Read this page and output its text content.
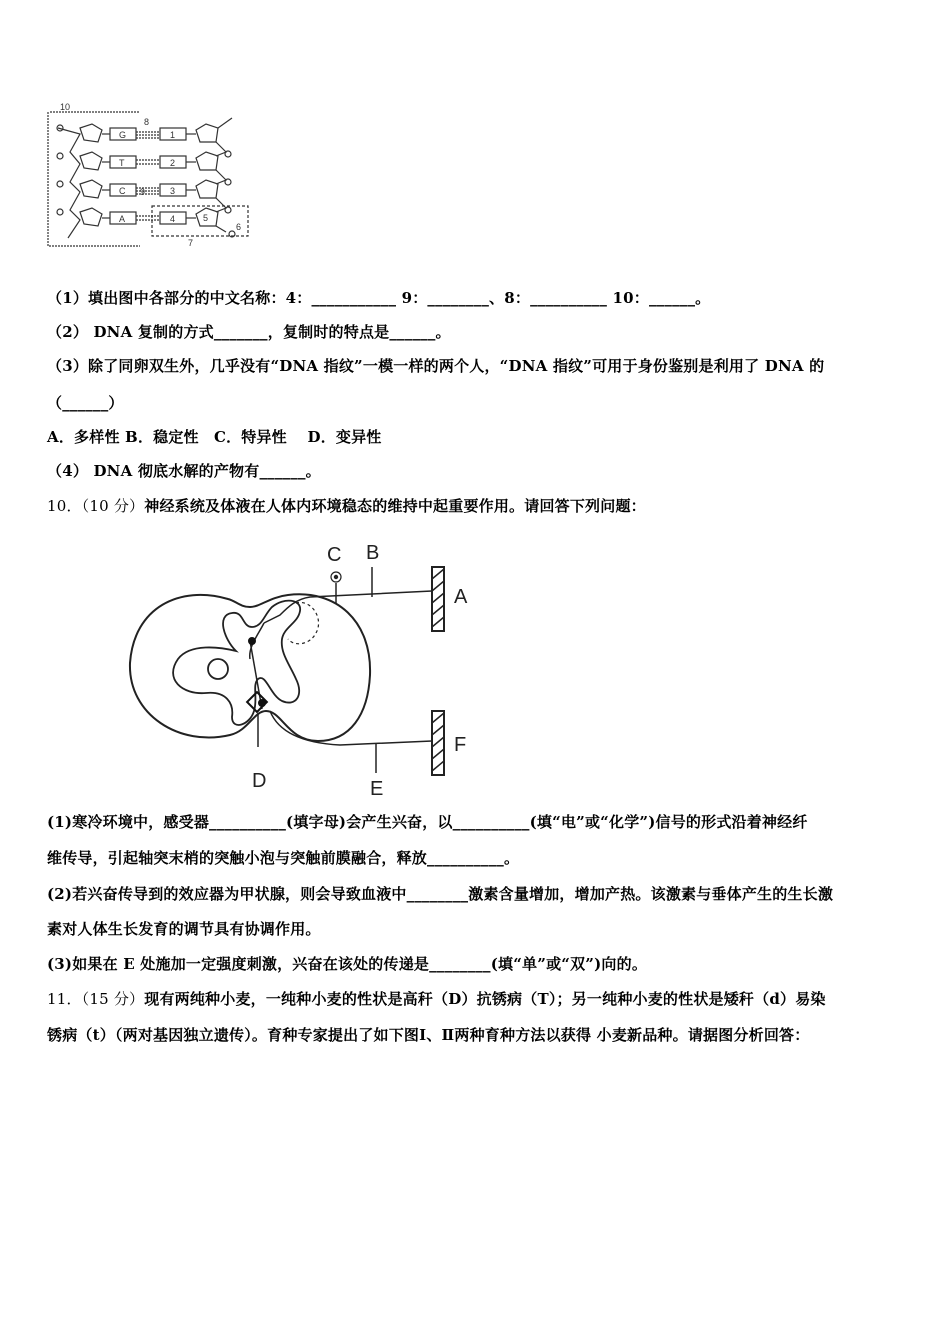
10
8
9
7
6
5
G
T
C
A
1
2
3
4
（1）填出图中各部分的中文名称：4：___________ 9：________、8：__________ 10：______。
（2） DNA 复制的方式_______，复制时的特点是______。
（3）除了同卵双生外，几乎没有“DNA 指纹”一模一样的两个人，“DNA 指纹”可用于身份鉴别是利用了 DNA 的
（______）
A．多样性 B．稳定性　C．特异性　 D．变异性
（4） DNA 彻底水解的产物有______。
10．（10 分）神经系统及体液在人体内环境稳态的维持中起重要作用。请回答下列问题：
A
B
C
D	E
F
(1)寒冷环境中，感受器__________(填字母)会产生兴奋，以__________(填“电”或“化学”)信号的形式沿着神经纤
维传导，引起轴突末梢的突触小泡与突触前膜融合，释放__________。
(2)若兴奋传导到的效应器为甲状腺，则会导致血液中________激素含量增加，增加产热。该激素与垂体产生的生长激
素对人体生长发育的调节具有协调作用。
(3)如果在 E 处施加一定强度刺激，兴奋在该处的传递是________(填“单”或“双”)向的。
11．（15 分）现有两纯种小麦，一纯种小麦的性状是高秆（D）抗锈病（T）；另一纯种小麦的性状是矮秆（d）易染
锈病（t）（两对基因独立遗传）。育种专家提出了如下图Ⅰ、Ⅱ两种育种方法以获得 小麦新品种。请据图分析回答：
